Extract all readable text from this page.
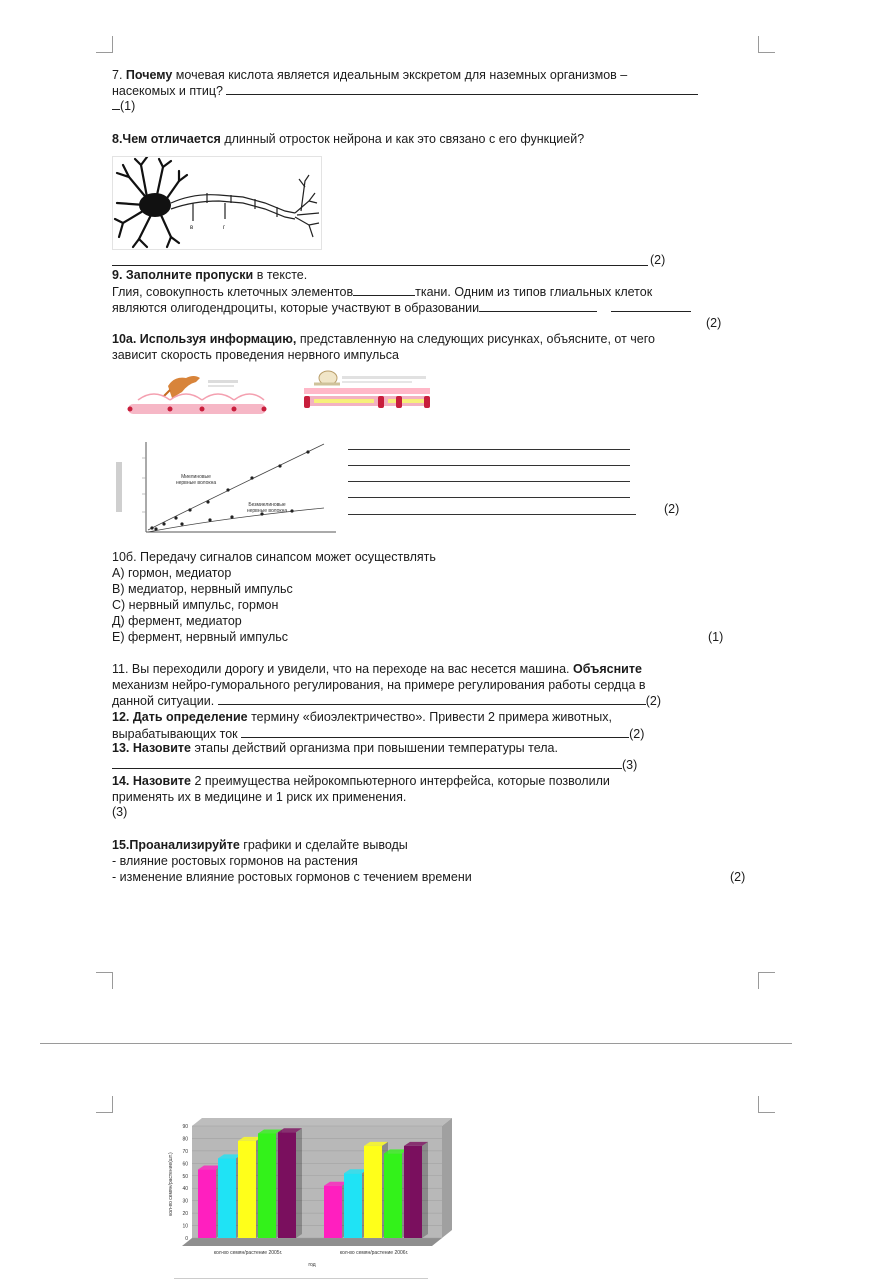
7. Почему мочевая кислота является идеальным экскретом для наземных организмов –
насекомых и птиц?
(1)
8.Чем отличается длинный отросток нейрона и как это связано с его функцией?
в	г
(2)
9. Заполните пропуски в тексте.
Глия, совокупность клеточных элементов	ткани. Одним из типов глиальных клеток
являются олигодендроциты, которые участвуют в образовании
(2)
10а. Используя информацию, представленную на следующих рисунках, объясните, от чего
зависит скорость проведения нервного импульса
Миелиновые нервные волокна
Безмиелиновые нервные волокна	(2)
10б. Передачу сигналов синапсом может осуществлять
А) гормон, медиатор
В) медиатор, нервный импульс
С) нервный импульс, гормон
Д) фермент, медиатор
Е) фермент, нервный импульс	(1)
11. Вы переходили дорогу и увидели, что на переходе на вас несется машина. Объясните
механизм нейро-гуморального регулирования, на примере регулирования работы сердца в
данной ситуации.	(2)
12. Дать определение термину «биоэлектричество». Привести 2 примера животных,
вырабатывающих ток	(2)
13. Назовите этапы действий организма при повышении температуры тела.
(3)
14. Назовите 2 преимущества нейрокомпьютерного интерфейса, которые позволили
применять их в медицине и 1 риск их применения.
(3)
15.Проанализируйте графики и сделайте выводы
- влияние ростовых гормонов на растения
- изменение влияние ростовых гормонов с течением времени	(2)
0
10
20
30
40
50
60
70
80
90
кол-во семян/растение 2005г.	кол-во семян/растение 2006г.
кол-во семян/растение(шт.)
год
